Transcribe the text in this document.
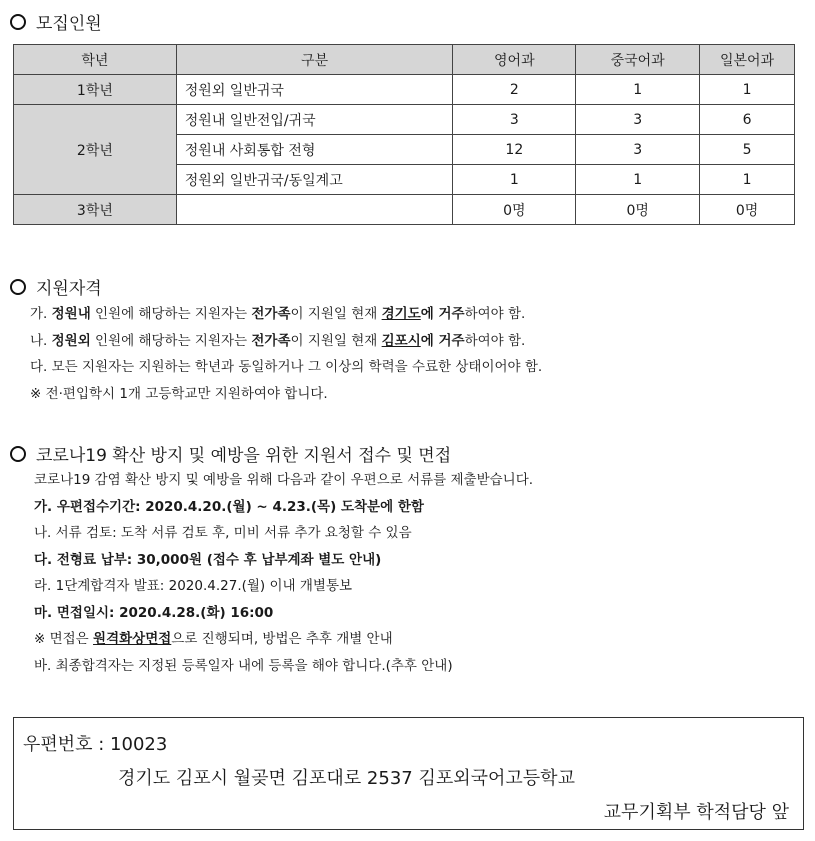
모집인원
학년	구분	영어과	중국어과	일본어과
1학년	정원외 일반귀국	2	1	1
2학년	정원내 일반전입/귀국	3	3	6
	정원내 사회통합 전형	12	3	5
	정원외 일반귀국/동일계고	1	1	1
3학년		0명	0명	0명
지원자격
가. 정원내 인원에 해당하는 지원자는 전가족이 지원일 현재 경기도에 거주하여야 함.
나. 정원외 인원에 해당하는 지원자는 전가족이 지원일 현재 김포시에 거주하여야 함.
다. 모든 지원자는 지원하는 학년과 동일하거나 그 이상의 학력을 수료한 상태이어야 함.
※ 전·편입학시 1개 고등학교만 지원하여야 합니다.
코로나19 확산 방지 및 예방을 위한 지원서 접수 및 면접
코로나19 감염 확산 방지 및 예방을 위해 다음과 같이 우편으로 서류를 제출받습니다.
가. 우편접수기간: 2020.4.20.(월) ~ 4.23.(목) 도착분에 한함
나. 서류 검토: 도착 서류 검토 후, 미비 서류 추가 요청할 수 있음
다. 전형료 납부: 30,000원 (접수 후 납부계좌 별도 안내)
라. 1단계합격자 발표: 2020.4.27.(월) 이내 개별통보
마. 면접일시: 2020.4.28.(화) 16:00
※ 면접은 원격화상면접으로 진행되며, 방법은 추후 개별 안내
바. 최종합격자는 지정된 등록일자 내에 등록을 해야 합니다.(추후 안내)
우편번호 : 10023
경기도 김포시 월곶면 김포대로 2537 김포외국어고등학교
교무기획부 학적담당 앞
